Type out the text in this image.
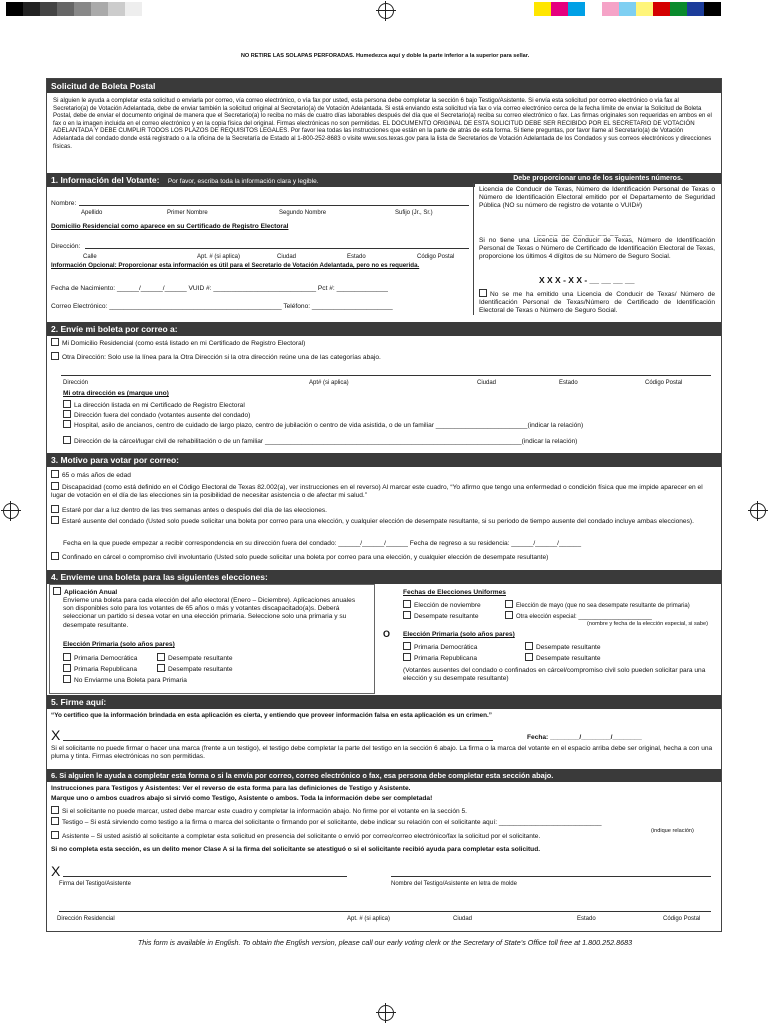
NO RETIRE LAS SOLAPAS PERFORADAS. Humedezca aquí y doble la parte inferior a la superior para sellar.
Solicitud de Boleta Postal
Si alguien le ayuda a completar esta solicitud o enviarla por correo, vía correo electrónico, o vía fax por usted, esta persona debe completar la sección 6 bajo Testigo/Asistente. Si envía esta solicitud por correo electrónico o vía fax al Secretario(a) de Votación Adelantada, debe de enviar también la solicitud original al Secretario(a) de Votación Adelantada. Si está enviando esta solicitud vía fax o vía correo electrónico cerca de la fecha límite de enviar la Solicitud de Boleta Postal, debe de enviar el documento original de manera que el Secretario(a) lo reciba no más de cuatro días laborables después del día que el Secretario(a) reciba su correo electrónico o fax. Las firmas originales son requeridas en ambos en el fax o en la imagen incluida en el correo electrónico y en la copia física del original. Firmas electrónicas no son permitidas. EL DOCUMENTO ORIGINAL DE ESTA SOLICITUD DEBE SER RECIBIDO POR EL SECRETARIO DE VOTACIÓN ADELANTADA Y DEBE CUMPLIR TODOS LOS PLAZOS DE REQUISITOS LEGALES. Por favor lea todas las instrucciones que están en la parte de atrás de esta forma. Si tiene preguntas, por favor llame al Secretario(a) de Votación Adelantada del condado donde está registrado o a la oficina de la Secretaría de Estado al 1-800-252-8683 o visite www.sos.texas.gov para la lista de Secretarios de Votación Adelantada de los Condados y sus correos electrónicos y direcciones físicas.
1. Información del Votante: Por favor, escriba toda la información clara y legible.	Debe proporcionar uno de los siguientes números.
Nombre:
Apellido	Primer Nombre	Segundo Nombre	Sufijo (Jr., Sr.)
Domicilio Residencial como aparece en su Certificado de Registro Electoral
Dirección:
Calle	Apt. # (si aplica)	Ciudad	Estado	Código Postal
Información Opcional: Proporcionar esta información es útil para el Secretario de Votación Adelantada, pero no es requerida.
Fecha de Nacimiento: ______/______/______ VUID #: ____________________________ Pct #: ______________
Correo Electrónico: _______________________________________________ Teléfono: ______________________
Licencia de Conducir de Texas, Número de Identificación Personal de Texas o Número de Identificación Electoral emitido por el Departamento de Seguridad Pública (NO su número de registro de votante o VUID#)
__ __ __ __ __ __ __ __
Si no tiene una Licencia de Conducir de Texas, Número de Identificación Personal de Texas o Número de Certificado de Identificación Electoral de Texas, proporcione los últimos 4 dígitos de su Número de Seguro Social.
X X X - X X - __ __ __ __
No se me ha emitido una Licencia de Conducir de Texas/ Número de Identificación Personal de Texas/Número de Certificado de Identificación Electoral de Texas o Número de Seguro Social.
2. Envíe mi boleta por correo a:
Mi Domicilio Residencial (como está listado en mi Certificado de Registro Electoral)
Otra Dirección: Solo use la línea para la Otra Dirección si la otra dirección reúne una de las categorías abajo.
Dirección	Apt# (si aplica)	Ciudad	Estado	Código Postal
Mi otra dirección es (marque uno)
La dirección listada en mi Certificado de Registro Electoral
Dirección fuera del condado (votantes ausente del condado)
Hospital, asilo de ancianos, centro de cuidado de largo plazo, centro de jubilación o centro de vida asistida, o de un familiar _________________________(indicar la relación)
Dirección de la cárcel/lugar civil de rehabilitación o de un familiar ______________________________________________________________________(indicar la relación)
3. Motivo para votar por correo:
65 o más años de edad
Discapacidad (como está definido en el Código Electoral de Texas 82.002(a), ver instrucciones en el reverso) Al marcar este cuadro, “Yo afirmo que tengo una enfermedad o condición física que me impide aparecer en el lugar de votación en el día de las elecciones sin la posibilidad de necesitar asistencia o de afectar mi salud.”
Estaré por dar a luz dentro de las tres semanas antes o después del día de las elecciones.
Estaré ausente del condado (Usted solo puede solicitar una boleta por correo para una elección, y cualquier elección de desempate resultante, si su periodo de tiempo ausente del condado incluye ambas elecciones).
Fecha en la que puede empezar a recibir correspondencia en su dirección fuera del condado: ______/______/______ Fecha de regreso a su residencia: ______/______/______
Confinado en cárcel o compromiso civil involuntario (Usted solo puede solicitar una boleta por correo para una elección, y cualquier elección de desempate resultante)
4. Envíeme una boleta para las siguientes elecciones:
Aplicación Anual
Envíeme una boleta para cada elección del año electoral (Enero – Diciembre). Aplicaciones anuales son disponibles solo para los votantes de 65 años o más y votantes discapacitado(a)s. Deberá seleccionar un partido si desea votar en una elección primaria. Seleccione solo una primaria y su desempate resultante.
Elección Primaria (solo años pares)
Primaria Democrática	Desempate resultante
Primaria Republicana	Desempate resultante
No Enviarme una Boleta para Primaria
O
Fechas de Elecciones Uniformes
Elección de noviembre	Elección de mayo (que no sea desempate resultante de primaria)
Desempate resultante	Otra elección especial: ______________________
(nombre y fecha de la elección especial, si sabe)
Elección Primaria (solo años pares)
Primaria Democrática	Desempate resultante
Primaria Republicana	Desempate resultante
(Votantes ausentes del condado o confinados en cárcel/compromiso civil solo pueden solicitar para una elección y su desempate resultante)
5. Firme aquí:
“Yo certifico que la información brindada en esta aplicación es cierta, y entiendo que proveer información falsa en esta aplicación es un crimen.”
X	Fecha: ________/________/________
Si el solicitante no puede firmar o hacer una marca (frente a un testigo), el testigo debe completar la parte del testigo en la sección 6 abajo. La firma o la marca del votante en el espacio arriba debe ser original, hecha a con una pluma y tinta. Firmas electrónicas no son permitidas.
6. Si alguien le ayuda a completar esta forma o si la envía por correo, correo electrónico o fax, esa persona debe completar esta sección abajo.
Instrucciones para Testigos y Asistentes: Ver el reverso de esta forma para las definiciones de Testigo y Asistente.
Marque uno o ambos cuadros abajo si sirvió como Testigo, Asistente o ambos. Toda la información debe ser completada!
Si el solicitante no puede marcar, usted debe marcar este cuadro y completar la información abajo. No firme por el votante en la sección 5.
Testigo – Si está sirviendo como testigo a la firma o marca del solicitante o firmando por el solicitante, debe indicar su relación con el solicitante aquí: ____________________________
(indique relación)
Asistente – Si usted asistió al solicitante a completar esta solicitud en presencia del solicitante o envió por correo/correo electrónico/fax la solicitud por el solicitante.
Si no completa esta sección, es un delito menor Clase A si la firma del solicitante se atestiguó o si el solicitante recibió ayuda para completar esta solicitud.
X
Firma del Testigo/Asistente	Nombre del Testigo/Asistente en letra de molde
Dirección Residencial	Apt. # (si aplica)	Ciudad	Estado	Código Postal
This form is available in English. To obtain the English version, please call our early voting clerk or the Secretary of State’s Office toll free at 1.800.252.8683
